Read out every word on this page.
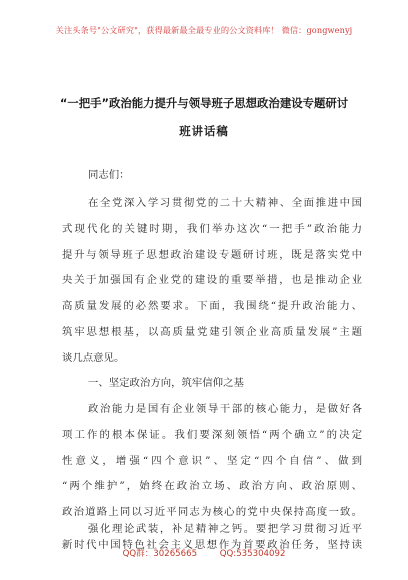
关注头条号"公文研究"，获得最新最全最专业的公文资料库！ 微信：gongwenyj
“一把手”政治能力提升与领导班子思想政治建设专题研讨
班讲话稿
同志们：
在全党深入学习贯彻党的二十大精神、全面推进中国
式现代化的关键时期，我们举办这次“一把手”政治能力
提升与领导班子思想政治建设专题研讨班，既是落实党中
央关于加强国有企业党的建设的重要举措，也是推动企业
高质量发展的必然要求。下面，我围绕“提升政治能力、
筑牢思想根基，以高质量党建引领企业高质量发展”主题
谈几点意见。
一、坚定政治方向，筑牢信仰之基
政治能力是国有企业领导干部的核心能力，是做好各
项工作的根本保证。我们要深刻领悟“两个确立”的决定
性意义，增强“四个意识”、坚定“四个自信”、做到
“两个维护”，始终在政治立场、政治方向、政治原则、
政治道路上同以习近平同志为核心的党中央保持高度一致。
强化理论武装，补足精神之钙。要把学习贯彻习近平
新时代中国特色社会主义思想作为首要政治任务，坚持读
QQ群：30265665	QQ:535304092
